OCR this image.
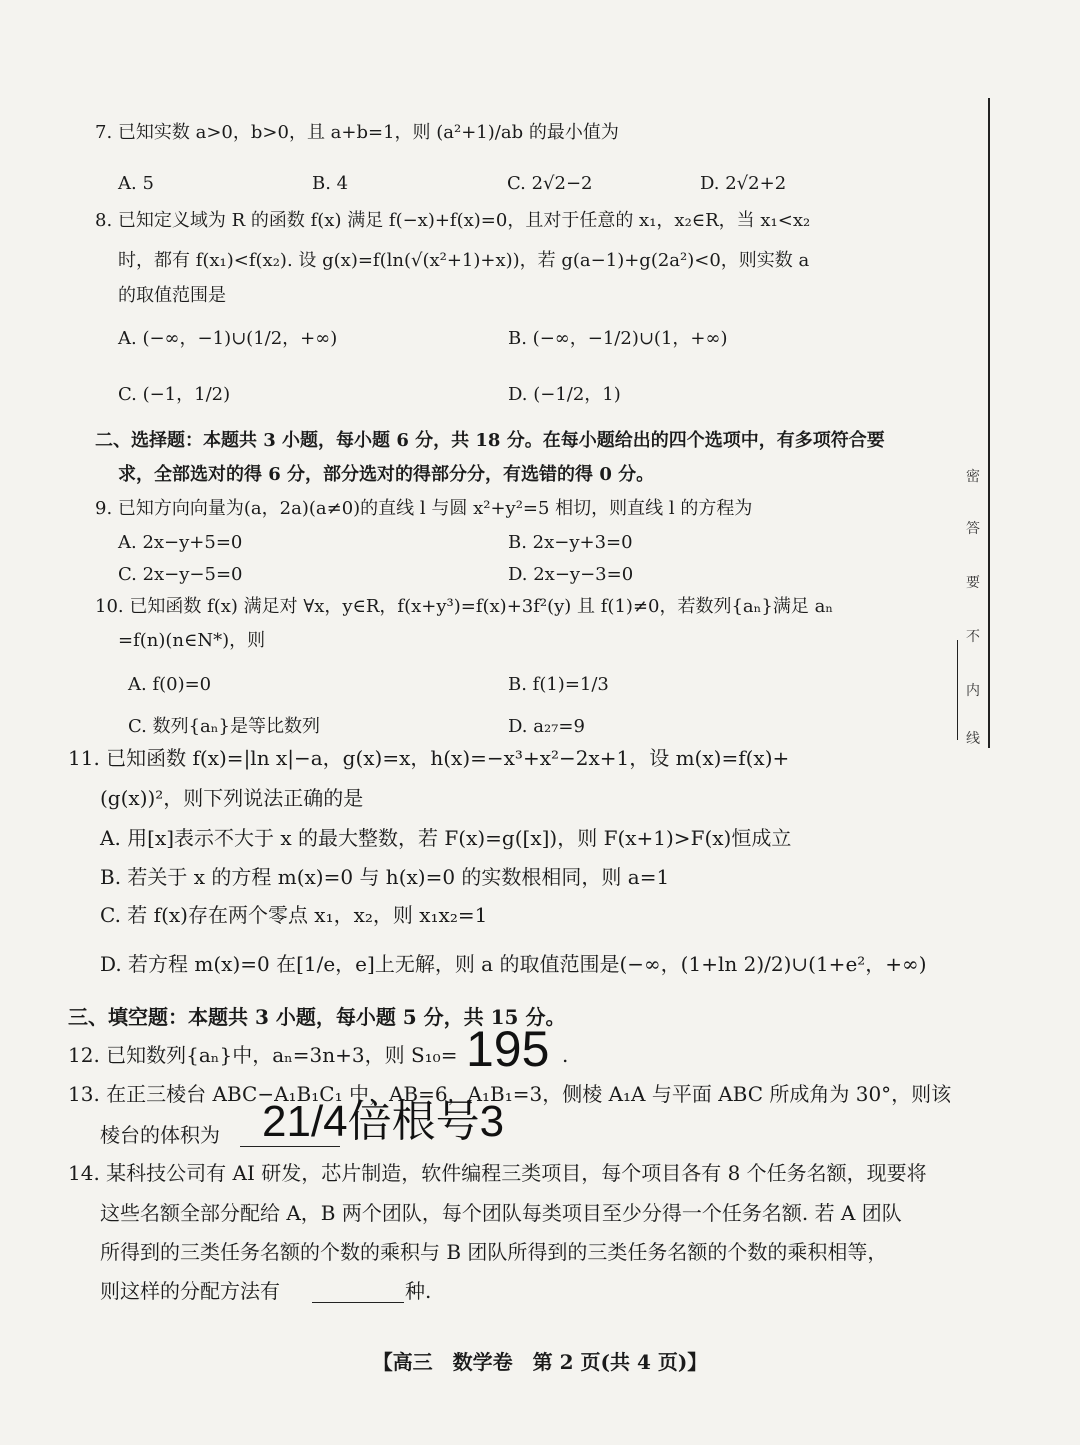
7. 已知实数 a>0，b>0，且 a+b=1，则 (a²+1)/ab 的最小值为
A. 5	B. 4	C. 2√2−2	D. 2√2+2
8. 已知定义域为 R 的函数 f(x) 满足 f(−x)+f(x)=0，且对于任意的 x₁，x₂∈R，当 x₁<x₂
时，都有 f(x₁)<f(x₂). 设 g(x)=f(ln(√(x²+1)+x))，若 g(a−1)+g(2a²)<0，则实数 a
的取值范围是
A. (−∞，−1)∪(1/2，+∞)	B. (−∞，−1/2)∪(1，+∞)
C. (−1，1/2)	D. (−1/2，1)
二、选择题：本题共 3 小题，每小题 6 分，共 18 分。在每小题给出的四个选项中，有多项符合要
求，全部选对的得 6 分，部分选对的得部分分，有选错的得 0 分。
9. 已知方向向量为(a，2a)(a≠0)的直线 l 与圆 x²+y²=5 相切，则直线 l 的方程为
A. 2x−y+5=0	B. 2x−y+3=0
C. 2x−y−5=0	D. 2x−y−3=0
10. 已知函数 f(x) 满足对 ∀x，y∈R，f(x+y³)=f(x)+3f²(y) 且 f(1)≠0，若数列{aₙ}满足 aₙ
=f(n)(n∈N*)，则
A. f(0)=0	B. f(1)=1/3
C. 数列{aₙ}是等比数列	D. a₂₇=9
11. 已知函数 f(x)=|ln x|−a，g(x)=x，h(x)=−x³+x²−2x+1，设 m(x)=f(x)+
(g(x))²，则下列说法正确的是
A. 用[x]表示不大于 x 的最大整数，若 F(x)=g([x])，则 F(x+1)>F(x)恒成立
B. 若关于 x 的方程 m(x)=0 与 h(x)=0 的实数根相同，则 a=1
C. 若 f(x)存在两个零点 x₁，x₂，则 x₁x₂=1
D. 若方程 m(x)=0 在[1/e，e]上无解，则 a 的取值范围是(−∞，(1+ln 2)/2)∪(1+e²，+∞)
三、填空题：本题共 3 小题，每小题 5 分，共 15 分。
12. 已知数列{aₙ}中，aₙ=3n+3，则 S₁₀= 195 .
13. 在正三棱台 ABC−A₁B₁C₁ 中，AB=6，A₁B₁=3，侧棱 A₁A 与平面 ABC 所成角为 30°，则该
棱台的体积为 21/4倍根号3
14. 某科技公司有 AI 研发，芯片制造，软件编程三类项目，每个项目各有 8 个任务名额，现要将
这些名额全部分配给 A，B 两个团队，每个团队每类项目至少分得一个任务名额. 若 A 团队
所得到的三类任务名额的个数的乘积与 B 团队所得到的三类任务名额的个数的乘积相等，
则这样的分配方法有	种.
【高三　数学卷　第 2 页(共 4 页)】
密
答
要
不
内
线
